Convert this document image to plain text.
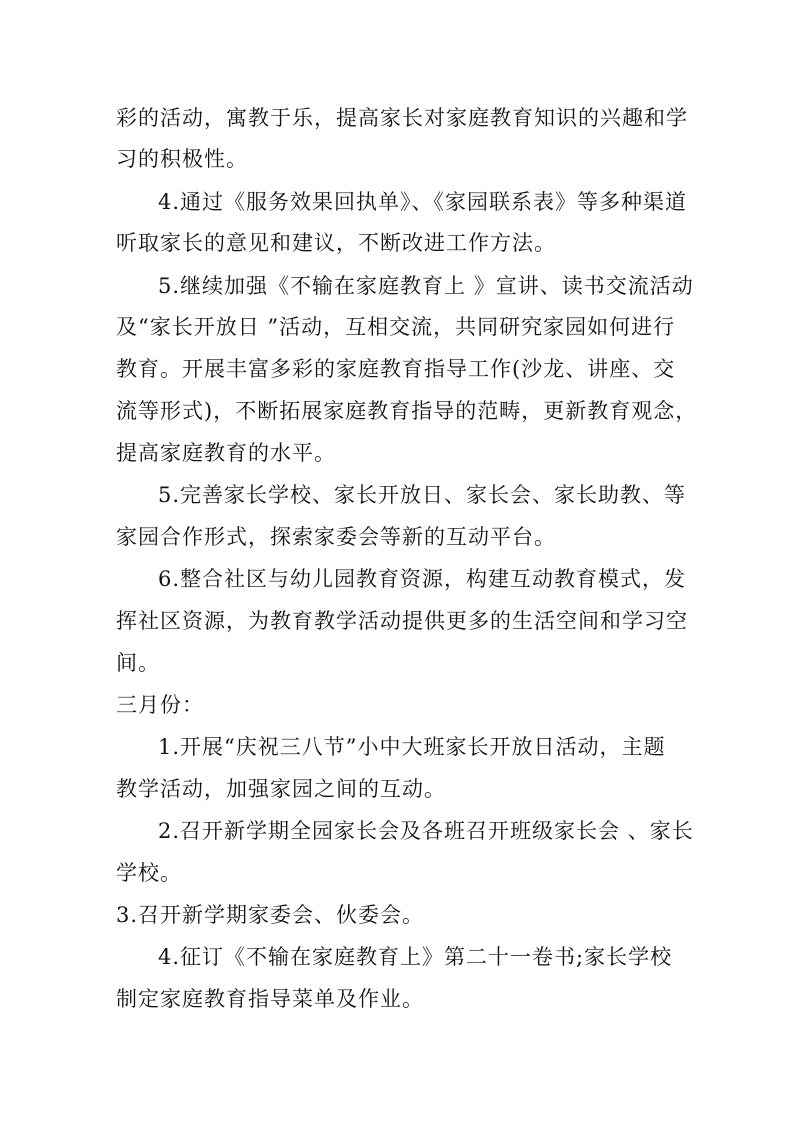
彩的活动，寓教于乐，提高家长对家庭教育知识的兴趣和学
习的积极性。
4.通过《服务效果回执单》、《家园联系表》等多种渠道
听取家长的意见和建议，不断改进工作方法。
5.继续加强《不输在家庭教育上 》宣讲、读书交流活动
及“家长开放日 ”活动，互相交流，共同研究家园如何进行
教育。开展丰富多彩的家庭教育指导工作(沙龙、讲座、交
流等形式)，不断拓展家庭教育指导的范畴，更新教育观念，
提高家庭教育的水平。
5.完善家长学校、家长开放日、家长会、家长助教、等
家园合作形式，探索家委会等新的互动平台。
6.整合社区与幼儿园教育资源，构建互动教育模式，发
挥社区资源，为教育教学活动提供更多的生活空间和学习空
间。
三月份：
1.开展“庆祝三八节”小中大班家长开放日活动，主题
教学活动，加强家园之间的互动。
2.召开新学期全园家长会及各班召开班级家长会 、家长
学校。
3.召开新学期家委会、伙委会。
4.征订《不输在家庭教育上》第二十一卷书;家长学校
制定家庭教育指导菜单及作业。
